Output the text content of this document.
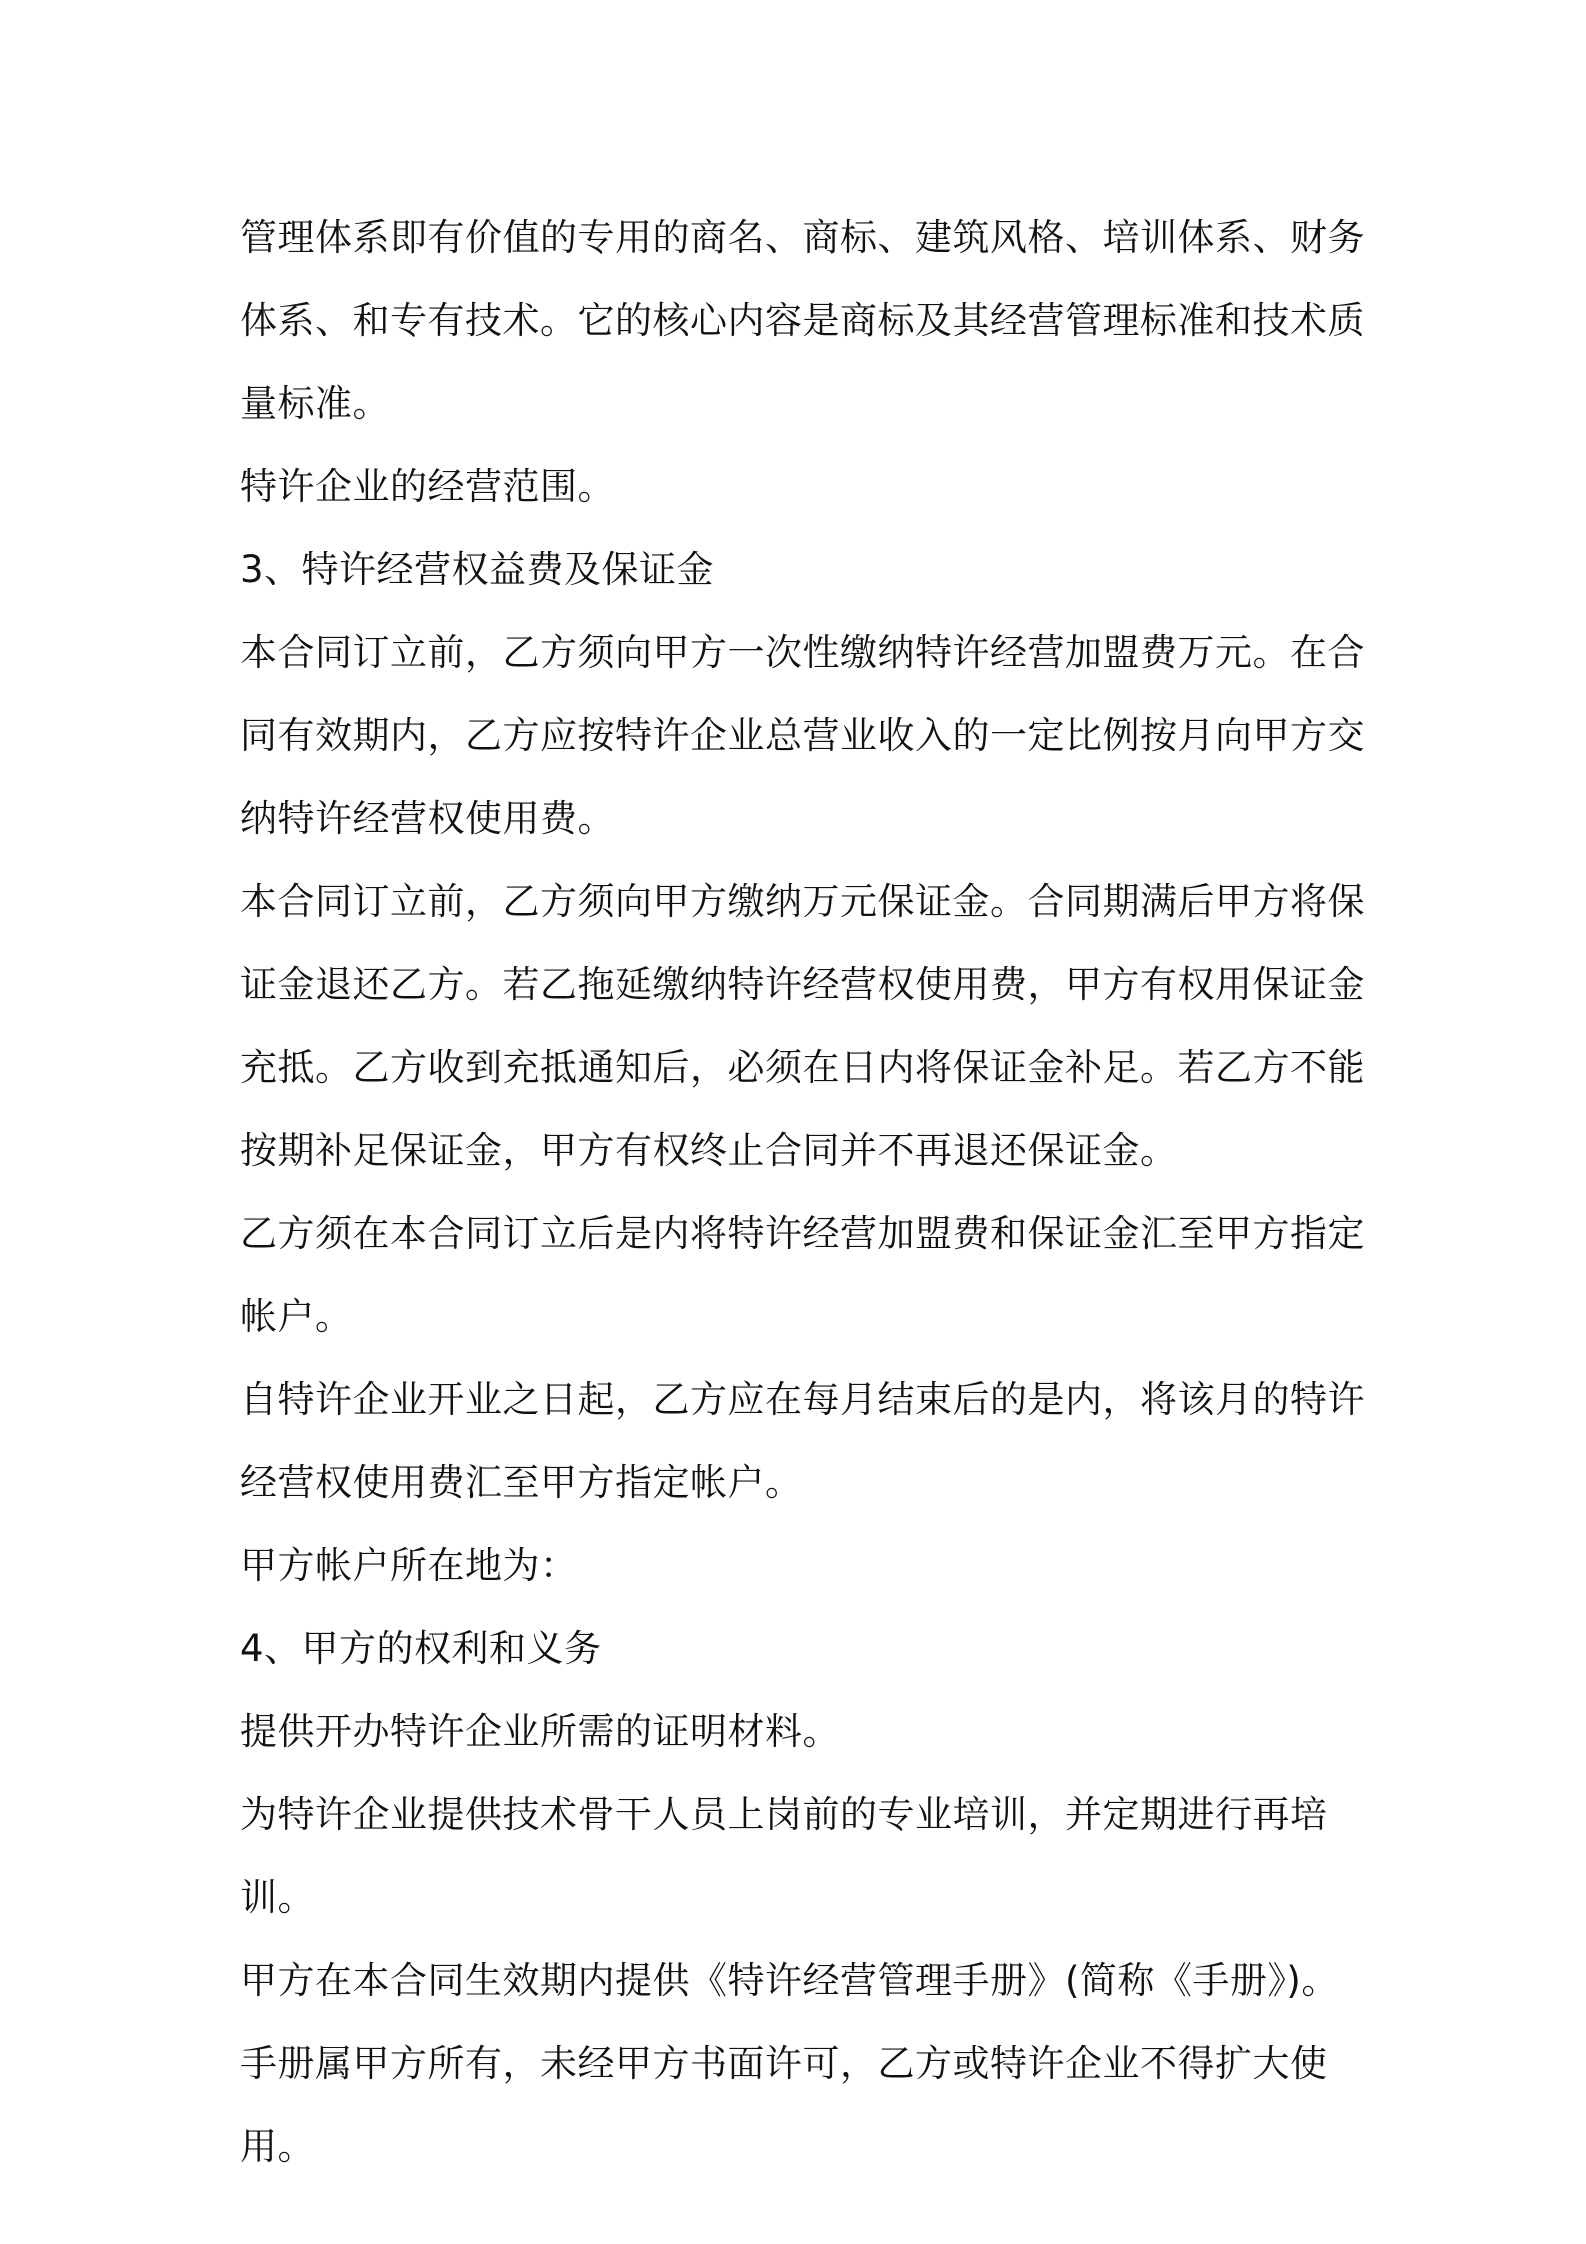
管理体系即有价值的专用的商名、商标、建筑风格、培训体系、财务体系、和专有技术。它的核心内容是商标及其经营管理标准和技术质量标准。

特许企业的经营范围。

3、特许经营权益费及保证金

本合同订立前，乙方须向甲方一次性缴纳特许经营加盟费万元。在合同有效期内，乙方应按特许企业总营业收入的一定比例按月向甲方交纳特许经营权使用费。

本合同订立前，乙方须向甲方缴纳万元保证金。合同期满后甲方将保证金退还乙方。若乙拖延缴纳特许经营权使用费，甲方有权用保证金充抵。乙方收到充抵通知后，必须在日内将保证金补足。若乙方不能按期补足保证金，甲方有权终止合同并不再退还保证金。

乙方须在本合同订立后是内将特许经营加盟费和保证金汇至甲方指定帐户。

自特许企业开业之日起，乙方应在每月结束后的是内，将该月的特许经营权使用费汇至甲方指定帐户。

甲方帐户所在地为：

4、甲方的权利和义务

提供开办特许企业所需的证明材料。

为特许企业提供技术骨干人员上岗前的专业培训，并定期进行再培训。

甲方在本合同生效期内提供《特许经营管理手册》(简称《手册》)。

手册属甲方所有，未经甲方书面许可，乙方或特许企业不得扩大使用。
